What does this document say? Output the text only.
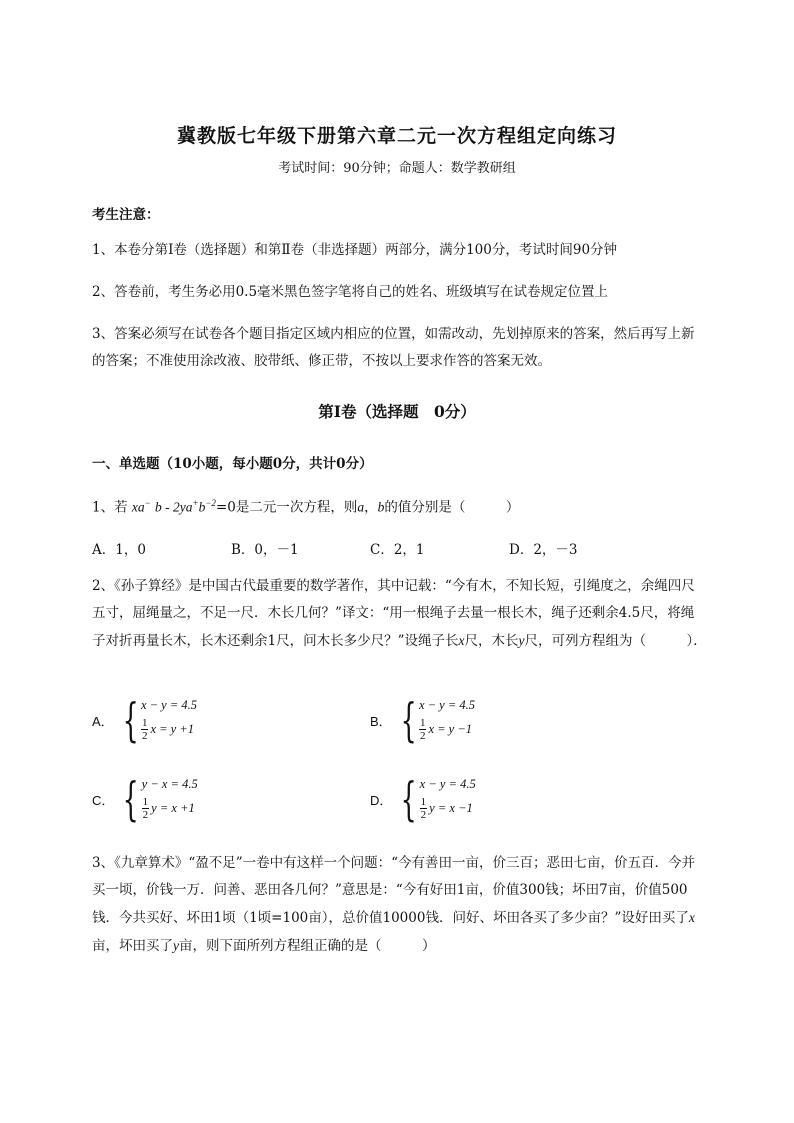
冀教版七年级下册第六章二元一次方程组定向练习
考试时间：90分钟；命题人：数学教研组
考生注意：
1、本卷分第I卷（选择题）和第Ⅱ卷（非选择题）两部分，满分100分，考试时间90分钟
2、答卷前，考生务必用0.5毫米黑色签字笔将自己的姓名、班级填写在试卷规定位置上
3、答案必须写在试卷各个题目指定区域内相应的位置，如需改动，先划掉原来的答案，然后再写上新的答案；不准使用涂改液、胶带纸、修正带，不按以上要求作答的答案无效。
第I卷（选择题　0分）
一、单选题（10小题，每小题0分，共计0分）
1、若 xa− $b - 2ya^+b^{-2}=0$是二元一次方程，则a，b的值分别是（　　　）
A．1，0	B．0，－1	C．2，1	D．2，－3
2、《孙子算经》是中国古代最重要的数学著作，其中记载：“今有木，不知长短，引绳度之，余绳四尺五寸，屈绳量之，不足一尺．木长几何？”译文：“用一根绳子去量一根长木，绳子还剩余4.5尺，将绳子对折再量长木，长木还剩余1尺，问木长多少尺？”设绳子长x尺，木长y尺，可列方程组为（　　　）．
A． { x − y = 4.5
$\frac{1}{2}$ x = y +1	B． { x − y = 4.5
$\frac{1}{2}$ x = y −1
C． { y − x = 4.5
$\frac{1}{2}$ y = x +1	D． { x − y = 4.5
$\frac{1}{2}$ y = x −1
3、《九章算术》“盈不足”一卷中有这样一个问题：“今有善田一亩，价三百；恶田七亩，价五百．今并买一顷，价钱一万．问善、恶田各几何？”意思是：“今有好田1亩，价值300钱；坏田7亩，价值500钱．今共买好、坏田1顷（1顷=100亩），总价值10000钱．问好、坏田各买了多少亩？”设好田买了x亩，坏田买了y亩，则下面所列方程组正确的是（　　　）
